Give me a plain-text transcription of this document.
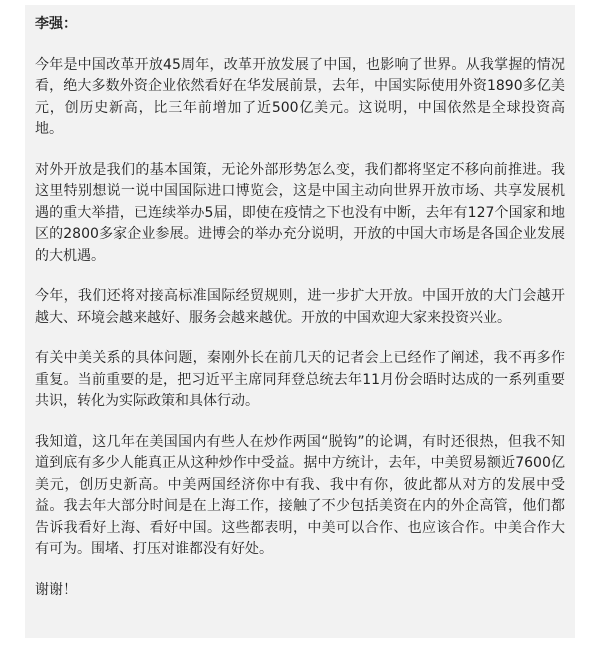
李强：

今年是中国改革开放45周年，改革开放发展了中国，也影响了世界。从我掌握的情况看，绝大多数外资企业依然看好在华发展前景，去年，中国实际使用外资1890多亿美元，创历史新高，比三年前增加了近500亿美元。这说明，中国依然是全球投资高地。

对外开放是我们的基本国策，无论外部形势怎么变，我们都将坚定不移向前推进。我这里特别想说一说中国国际进口博览会，这是中国主动向世界开放市场、共享发展机遇的重大举措，已连续举办5届，即使在疫情之下也没有中断，去年有127个国家和地区的2800多家企业参展。进博会的举办充分说明，开放的中国大市场是各国企业发展的大机遇。

今年，我们还将对接高标准国际经贸规则，进一步扩大开放。中国开放的大门会越开越大、环境会越来越好、服务会越来越优。开放的中国欢迎大家来投资兴业。

有关中美关系的具体问题，秦刚外长在前几天的记者会上已经作了阐述，我不再多作重复。当前重要的是，把习近平主席同拜登总统去年11月份会晤时达成的一系列重要共识，转化为实际政策和具体行动。

我知道，这几年在美国国内有些人在炒作两国“脱钩”的论调，有时还很热，但我不知道到底有多少人能真正从这种炒作中受益。据中方统计，去年，中美贸易额近7600亿美元，创历史新高。中美两国经济你中有我、我中有你，彼此都从对方的发展中受益。我去年大部分时间是在上海工作，接触了不少包括美资在内的外企高管，他们都告诉我看好上海、看好中国。这些都表明，中美可以合作、也应该合作。中美合作大有可为。围堵、打压对谁都没有好处。

谢谢！
